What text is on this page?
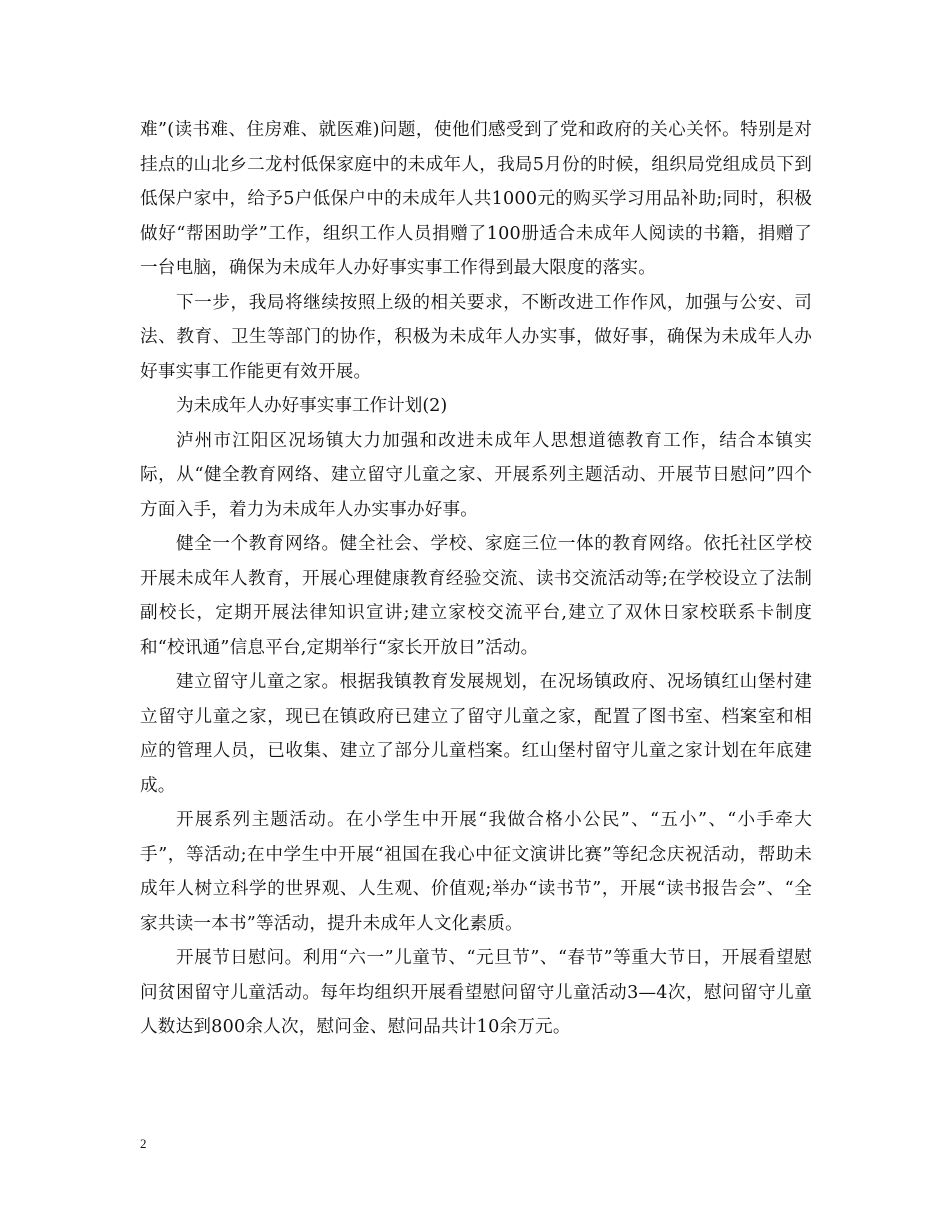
难”(读书难、住房难、就医难)问题，使他们感受到了党和政府的关心关怀。特别是对挂点的山北乡二龙村低保家庭中的未成年人，我局5月份的时候，组织局党组成员下到低保户家中，给予5户低保户中的未成年人共1000元的购买学习用品补助;同时，积极做好“帮困助学”工作，组织工作人员捐赠了100册适合未成年人阅读的书籍，捐赠了一台电脑，确保为未成年人办好事实事工作得到最大限度的落实。

下一步，我局将继续按照上级的相关要求，不断改进工作作风，加强与公安、司法、教育、卫生等部门的协作，积极为未成年人办实事，做好事，确保为未成年人办好事实事工作能更有效开展。

为未成年人办好事实事工作计划(2)

泸州市江阳区况场镇大力加强和改进未成年人思想道德教育工作，结合本镇实际，从“健全教育网络、建立留守儿童之家、开展系列主题活动、开展节日慰问”四个方面入手，着力为未成年人办实事办好事。

健全一个教育网络。健全社会、学校、家庭三位一体的教育网络。依托社区学校开展未成年人教育，开展心理健康教育经验交流、读书交流活动等;在学校设立了法制副校长，定期开展法律知识宣讲;建立家校交流平台,建立了双休日家校联系卡制度和“校讯通”信息平台,定期举行“家长开放日”活动。

建立留守儿童之家。根据我镇教育发展规划，在况场镇政府、况场镇红山堡村建立留守儿童之家，现已在镇政府已建立了留守儿童之家，配置了图书室、档案室和相应的管理人员，已收集、建立了部分儿童档案。红山堡村留守儿童之家计划在年底建成。

开展系列主题活动。在小学生中开展“我做合格小公民”、“五小”、“小手牵大手”，等活动;在中学生中开展“祖国在我心中征文演讲比赛”等纪念庆祝活动，帮助未成年人树立科学的世界观、人生观、价值观;举办“读书节”，开展“读书报告会”、“全家共读一本书”等活动，提升未成年人文化素质。

开展节日慰问。利用“六一”儿童节、“元旦节”、“春节”等重大节日，开展看望慰问贫困留守儿童活动。每年均组织开展看望慰问留守儿童活动3—4次，慰问留守儿童人数达到800余人次，慰问金、慰问品共计10余万元。

2
